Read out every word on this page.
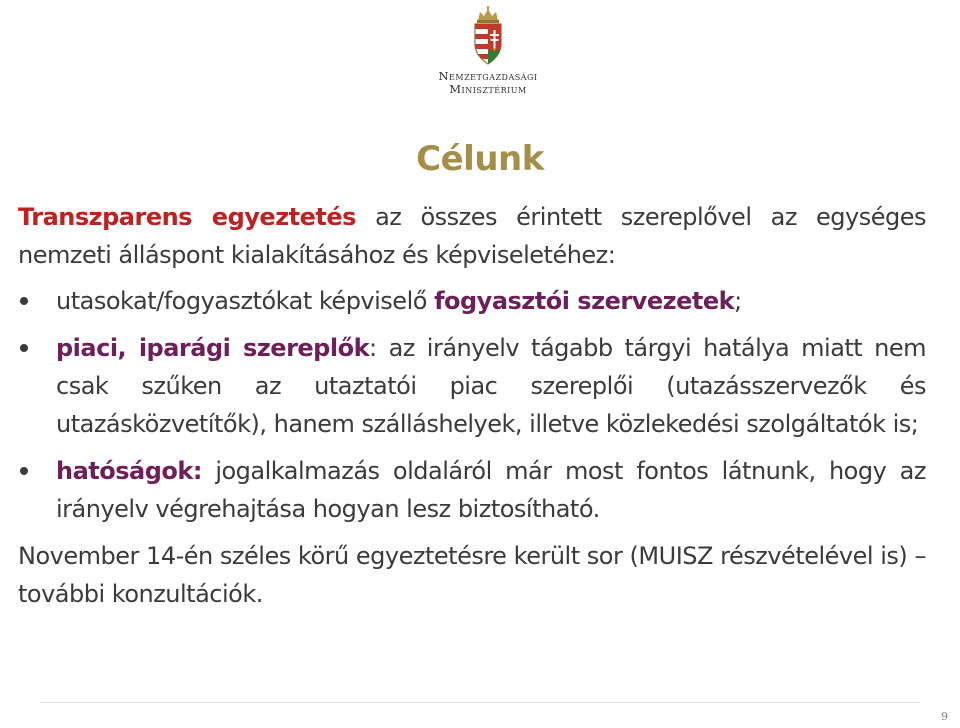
Nemzetgazdasági
Minisztérium
Célunk

Transzparens egyeztetés az összes érintett szereplővel az egységes nemzeti álláspont kialakításához és képviseletéhez:

utasokat/fogyasztókat képviselő fogyasztói szervezetek;
piaci, iparági szereplők: az irányelv tágabb tárgyi hatálya miatt nem csak szűken az utaztatói piac szereplői (utazásszervezők és utazásközvetítők), hanem szálláshelyek, illetve közlekedési szolgáltatók is;
hatóságok: jogalkalmazás oldaláról már most fontos látnunk, hogy az irányelv végrehajtása hogyan lesz biztosítható.

November 14-én széles körű egyeztetésre került sor (MUISZ részvételével is) – további konzultációk.

9
